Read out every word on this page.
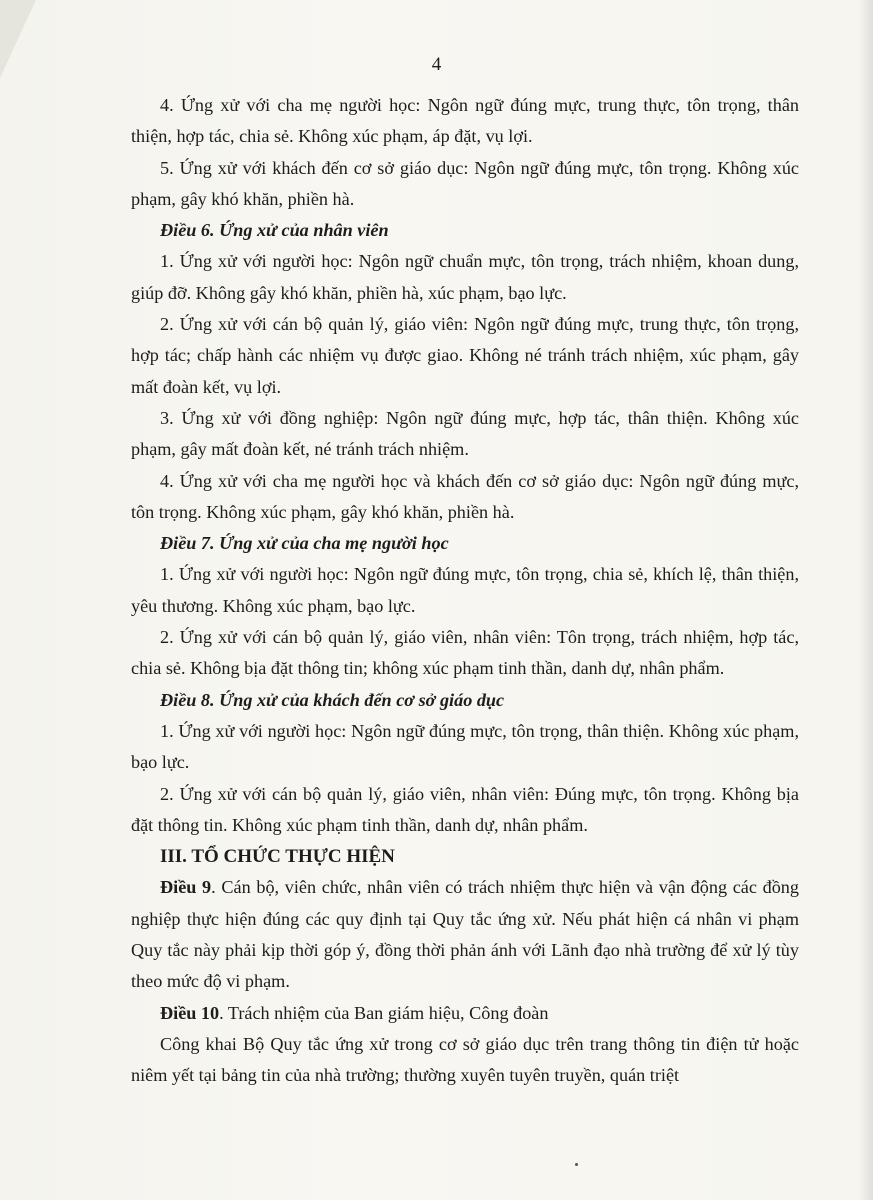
4

4. Ứng xử với cha mẹ người học: Ngôn ngữ đúng mực, trung thực, tôn trọng, thân thiện, hợp tác, chia sẻ. Không xúc phạm, áp đặt, vụ lợi.

5. Ứng xử với khách đến cơ sở giáo dục: Ngôn ngữ đúng mực, tôn trọng. Không xúc phạm, gây khó khăn, phiền hà.

Điều 6. Ứng xử của nhân viên

1. Ứng xử với người học: Ngôn ngữ chuẩn mực, tôn trọng, trách nhiệm, khoan dung, giúp đỡ. Không gây khó khăn, phiền hà, xúc phạm, bạo lực.

2. Ứng xử với cán bộ quản lý, giáo viên: Ngôn ngữ đúng mực, trung thực, tôn trọng, hợp tác; chấp hành các nhiệm vụ được giao. Không né tránh trách nhiệm, xúc phạm, gây mất đoàn kết, vụ lợi.

3. Ứng xử với đồng nghiệp: Ngôn ngữ đúng mực, hợp tác, thân thiện. Không xúc phạm, gây mất đoàn kết, né tránh trách nhiệm.

4. Ứng xử với cha mẹ người học và khách đến cơ sở giáo dục: Ngôn ngữ đúng mực, tôn trọng. Không xúc phạm, gây khó khăn, phiền hà.

Điều 7. Ứng xử của cha mẹ người học

1. Ứng xử với người học: Ngôn ngữ đúng mực, tôn trọng, chia sẻ, khích lệ, thân thiện, yêu thương. Không xúc phạm, bạo lực.

2. Ứng xử với cán bộ quản lý, giáo viên, nhân viên: Tôn trọng, trách nhiệm, hợp tác, chia sẻ. Không bịa đặt thông tin; không xúc phạm tinh thần, danh dự, nhân phẩm.

Điều 8. Ứng xử của khách đến cơ sở giáo dục

1. Ứng xử với người học: Ngôn ngữ đúng mực, tôn trọng, thân thiện. Không xúc phạm, bạo lực.

2. Ứng xử với cán bộ quản lý, giáo viên, nhân viên: Đúng mực, tôn trọng. Không bịa đặt thông tin. Không xúc phạm tinh thần, danh dự, nhân phẩm.

III. TỔ CHỨC THỰC HIỆN

Điều 9. Cán bộ, viên chức, nhân viên có trách nhiệm thực hiện và vận động các đồng nghiệp thực hiện đúng các quy định tại Quy tắc ứng xử. Nếu phát hiện cá nhân vi phạm Quy tắc này phải kịp thời góp ý, đồng thời phản ánh với Lãnh đạo nhà trường để xử lý tùy theo mức độ vi phạm.

Điều 10. Trách nhiệm của Ban giám hiệu, Công đoàn

Công khai Bộ Quy tắc ứng xử trong cơ sở giáo dục trên trang thông tin điện tử hoặc niêm yết tại bảng tin của nhà trường; thường xuyên tuyên truyền, quán triệt
